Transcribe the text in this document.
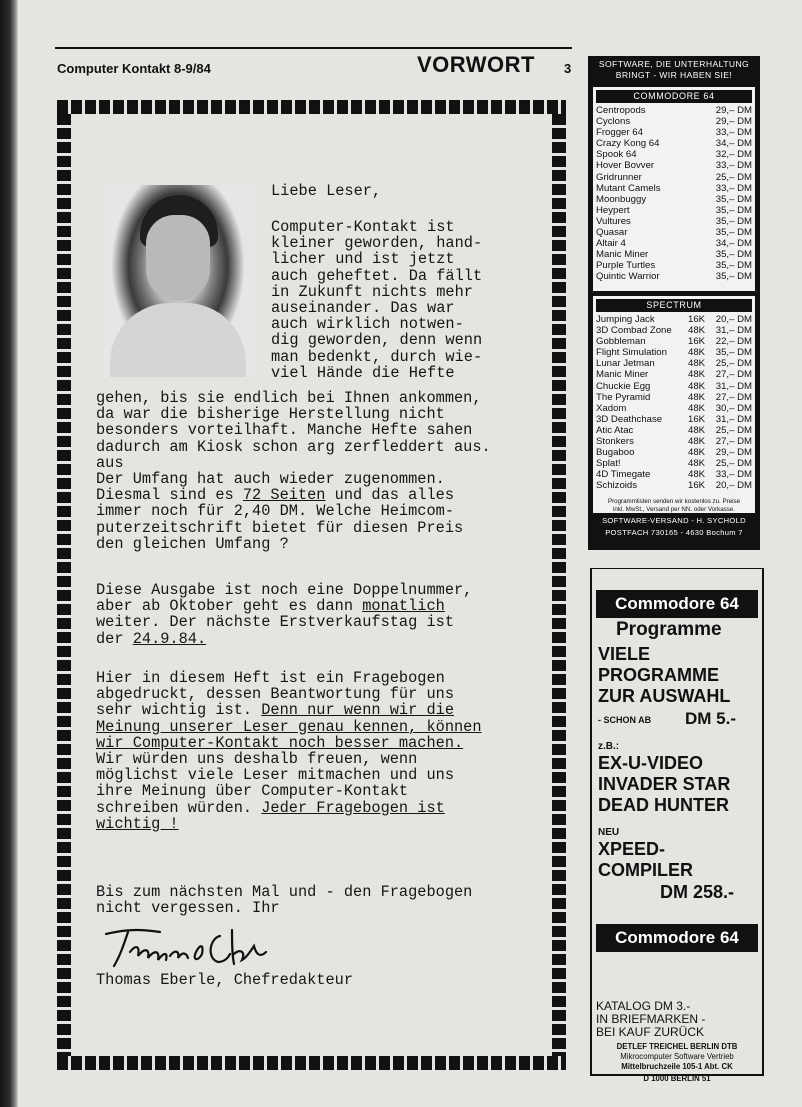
Computer Kontakt 8-9/84	VORWORT 3
Liebe Leser,
Computer-Kontakt ist
kleiner geworden, hand-
licher und ist jetzt
auch geheftet. Da fällt
in Zukunft nichts mehr
auseinander. Das war
auch wirklich notwen-
dig geworden, denn wenn
man bedenkt, durch wie-
viel Hände die Hefte
gehen, bis sie endlich bei Ihnen ankommen,
da war die bisherige Herstellung nicht
besonders vorteilhaft. Manche Hefte sahen
dadurch am Kiosk schon arg zerfleddert aus.
aus
Der Umfang hat auch wieder zugenommen.
Diesmal sind es 72 Seiten und das alles
immer noch für 2,40 DM. Welche Heimcom-
puterzeitschrift bietet für diesen Preis
den gleichen Umfang ?
Diese Ausgabe ist noch eine Doppelnummer,
aber ab Oktober geht es dann monatlich
weiter. Der nächste Erstverkaufstag ist
der 24.9.84.
Hier in diesem Heft ist ein Fragebogen
abgedruckt, dessen Beantwortung für uns
sehr wichtig ist. Denn nur wenn wir die
Meinung unserer Leser genau kennen, können
wir Computer-Kontakt noch besser machen.
Wir würden uns deshalb freuen, wenn
möglichst viele Leser mitmachen und uns
ihre Meinung über Computer-Kontakt
schreiben würden. Jeder Fragebogen ist
wichtig !
Bis zum nächsten Mal und - den Fragebogen
nicht vergessen. Ihr
Thomas Eberle, Chefredakteur
SOFTWARE, DIE UNTERHALTUNG
BRINGT - WIR HABEN SIE!
COMMODORE 64
Centropods	29,– DM
Cyclons	29,– DM
Frogger 64	33,– DM
Crazy Kong 64	34,– DM
Spook 64	32,– DM
Hover Bovver	33,– DM
Gridrunner	25,– DM
Mutant Camels	33,– DM
Moonbuggy	35,– DM
Heypert	35,– DM
Vultures	35,– DM
Quasar	35,– DM
Altair 4	34,– DM
Manic Miner	35,– DM
Purple Turtles	35,– DM
Quintic Warrior	35,– DM
SPECTRUM
Jumping Jack	16K	20,– DM
3D Combad Zone	48K	31,– DM
Gobbleman	16K	22,– DM
Flight Simulation	48K	35,– DM
Lunar Jetman	48K	25,– DM
Manic Miner	48K	27,– DM
Chuckie Egg	48K	31,– DM
The Pyramid	48K	27,– DM
Xadom	48K	30,– DM
3D Deathchase	16K	31,– DM
Atic Atac	48K	25,– DM
Stonkers	48K	27,– DM
Bugaboo	48K	29,– DM
Splat!	48K	25,– DM
4D Timegate	48K	33,– DM
Schizoids	16K	20,– DM
Programmlisten senden wir kostenlos zu. Preise
inkl. MwSt., Versand per NN. oder Vorkasse.
SOFTWARE-VERSAND - H. SYCHOLD
POSTFACH 730165 - 4630 Bochum 7
Commodore 64
Programme
VIELE
PROGRAMME
ZUR AUSWAHL
- SCHON AB DM 5.-
z.B.:
EX-U-VIDEO
INVADER STAR
DEAD HUNTER
NEU
XPEED-
COMPILER
DM 258.-
Commodore 64
KATALOG DM 3.-
IN BRIEFMARKEN -
BEI KAUF ZURÜCK
DETLEF TREICHEL BERLIN DTB
Mikrocomputer Software Vertrieb
Mittelbruchzeile 105-1 Abt. CK
D 1000 BERLIN 51
